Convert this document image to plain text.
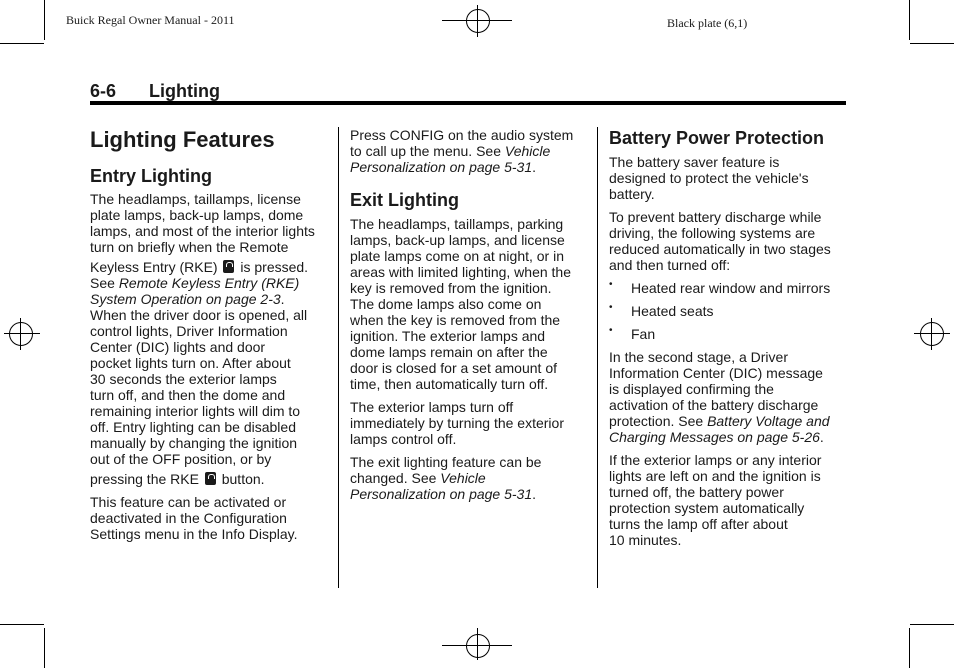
Buick Regal Owner Manual - 2011	Black plate (6,1)
6-6 Lighting
Lighting Features
Entry Lighting

The headlamps, taillamps, license
plate lamps, back-up lamps, dome
lamps, and most of the interior lights
turn on briefly when the Remote
Keyless Entry (RKE) is pressed.
See Remote Keyless Entry (RKE)
System Operation on page 2-3.
When the driver door is opened, all
control lights, Driver Information
Center (DIC) lights and door
pocket lights turn on. After about
30 seconds the exterior lamps
turn off, and then the dome and
remaining interior lights will dim to
off. Entry lighting can be disabled
manually by changing the ignition
out of the OFF position, or by
pressing the RKE button.

This feature can be activated or
deactivated in the Configuration
Settings menu in the Info Display.

Press CONFIG on the audio system
to call up the menu. See Vehicle
Personalization on page 5-31.

Exit Lighting

The headlamps, taillamps, parking
lamps, back-up lamps, and license
plate lamps come on at night, or in
areas with limited lighting, when the
key is removed from the ignition.
The dome lamps also come on
when the key is removed from the
ignition. The exterior lamps and
dome lamps remain on after the
door is closed for a set amount of
time, then automatically turn off.

The exterior lamps turn off
immediately by turning the exterior
lamps control off.

The exit lighting feature can be
changed. See Vehicle
Personalization on page 5-31.

Battery Power Protection

The battery saver feature is
designed to protect the vehicle's
battery.

To prevent battery discharge while
driving, the following systems are
reduced automatically in two stages
and then turned off:

• Heated rear window and mirrors
• Heated seats
• Fan

In the second stage, a Driver
Information Center (DIC) message
is displayed confirming the
activation of the battery discharge
protection. See Battery Voltage and
Charging Messages on page 5-26.

If the exterior lamps or any interior
lights are left on and the ignition is
turned off, the battery power
protection system automatically
turns the lamp off after about
10 minutes.
